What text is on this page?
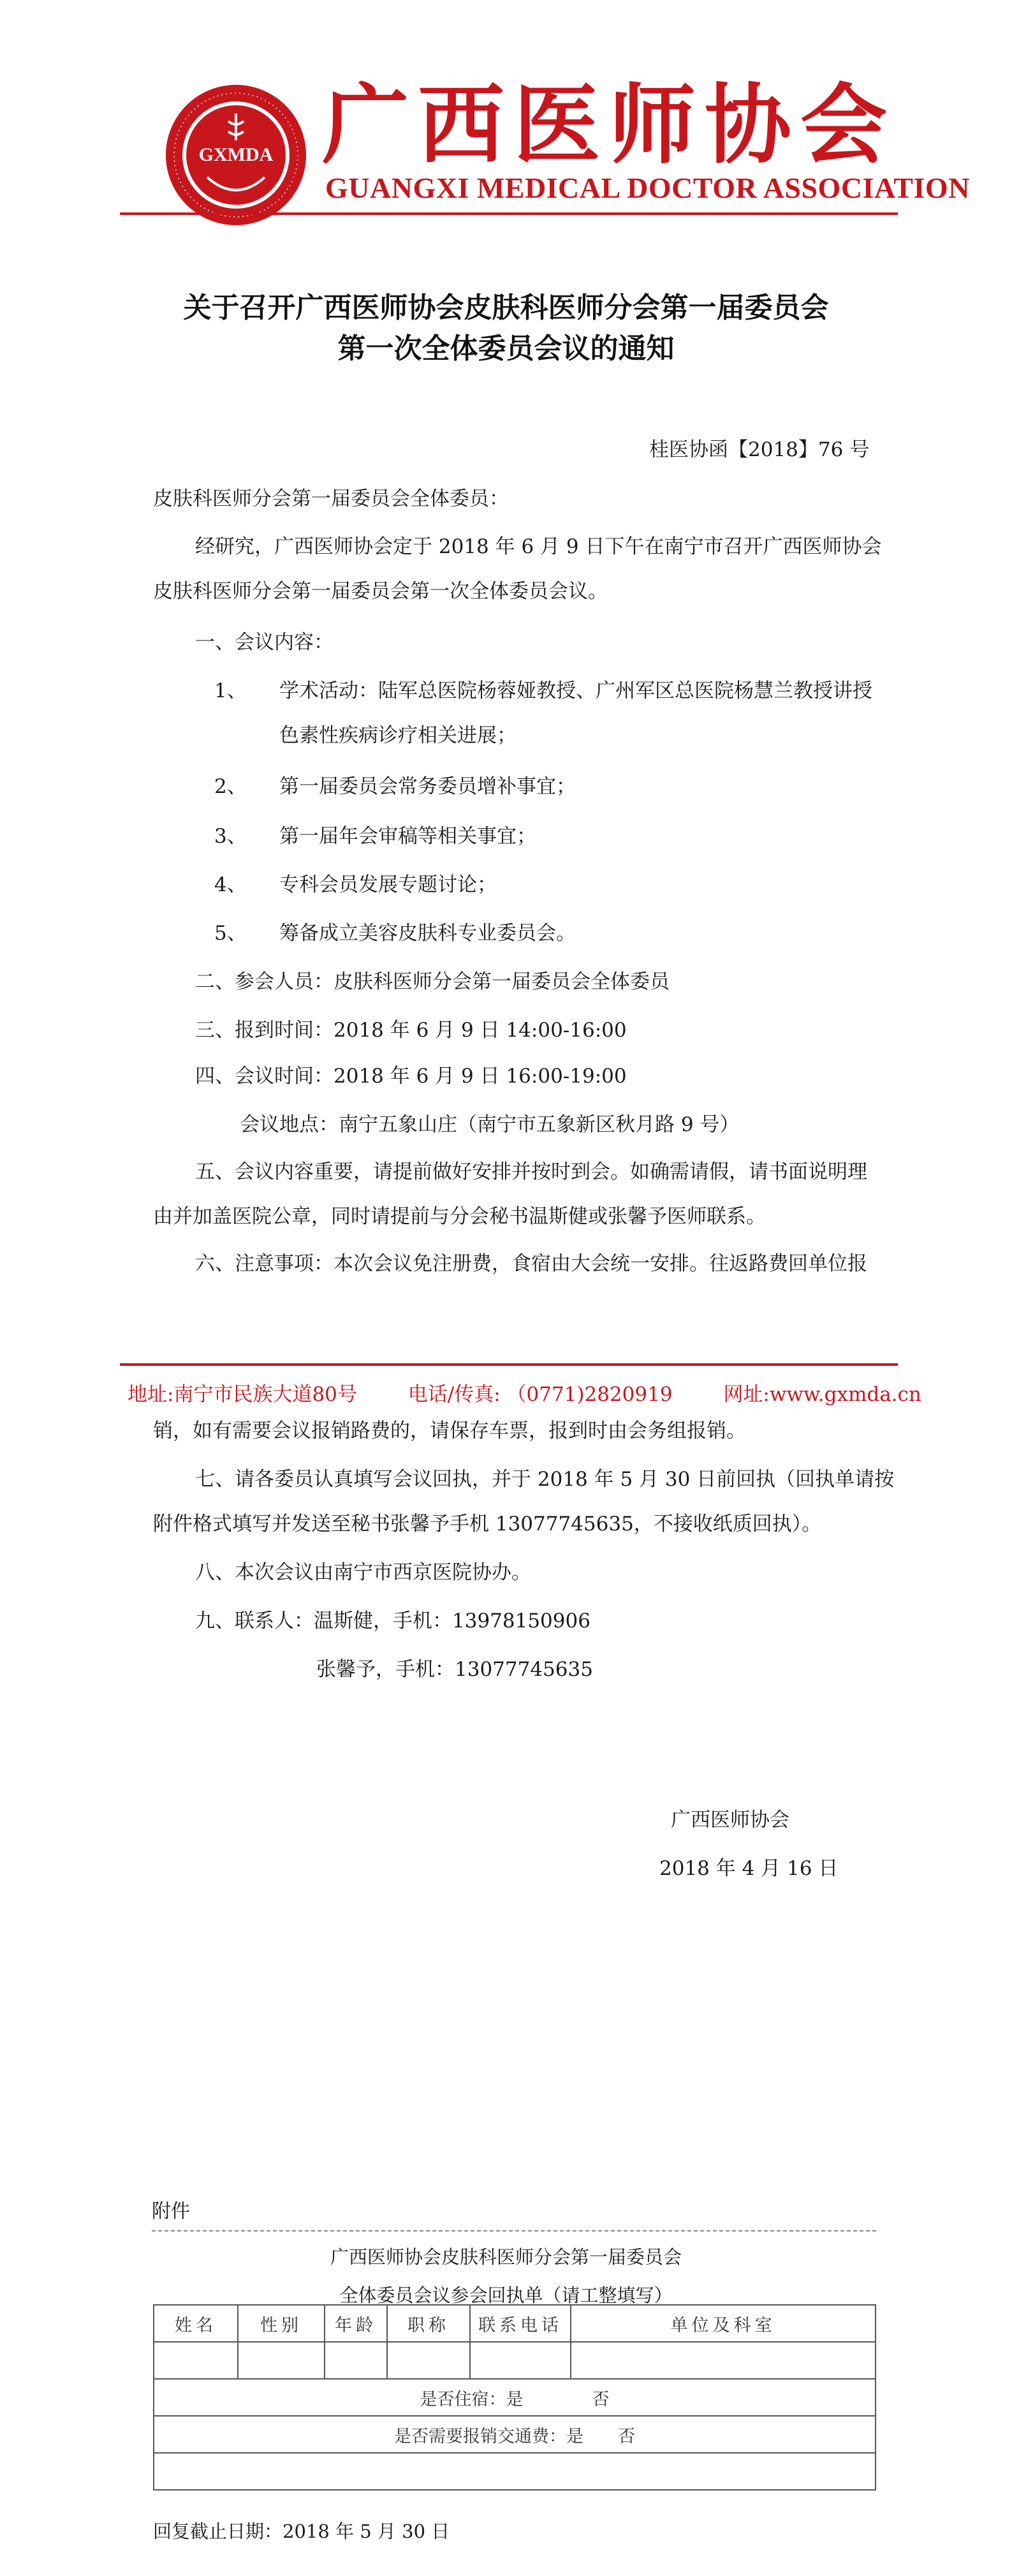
GXMDA 广西医师协会
GUANGXI MEDICAL DOCTOR ASSOCIATION
关于召开广西医师协会皮肤科医师分会第一届委员会
第一次全体委员会议的通知
桂医协函【2018】76 号
皮肤科医师分会第一届委员会全体委员：
经研究，广西医师协会定于 2018 年 6 月 9 日下午在南宁市召开广西医师协会
皮肤科医师分会第一届委员会第一次全体委员会议。
一、会议内容：
1、 学术活动：陆军总医院杨蓉娅教授、广州军区总医院杨慧兰教授讲授
色素性疾病诊疗相关进展；
2、 第一届委员会常务委员增补事宜；
3、 第一届年会审稿等相关事宜；
4、 专科会员发展专题讨论；
5、 筹备成立美容皮肤科专业委员会。
二、参会人员：皮肤科医师分会第一届委员会全体委员
三、报到时间：2018 年 6 月 9 日 14:00-16:00
四、会议时间：2018 年 6 月 9 日 16:00-19:00
会议地点：南宁五象山庄（南宁市五象新区秋月路 9 号）
五、会议内容重要，请提前做好安排并按时到会。如确需请假，请书面说明理
由并加盖医院公章，同时请提前与分会秘书温斯健或张馨予医师联系。
六、注意事项：本次会议免注册费，食宿由大会统一安排。往返路费回单位报
地址:南宁市民族大道80号	电话/传真: （0771)2820919	网址:www.gxmda.cn
销，如有需要会议报销路费的，请保存车票，报到时由会务组报销。
七、请各委员认真填写会议回执，并于 2018 年 5 月 30 日前回执（回执单请按
附件格式填写并发送至秘书张馨予手机 13077745635，不接收纸质回执）。
八、本次会议由南宁市西京医院协办。
九、联系人：温斯健，手机：13978150906
张馨予，手机：13077745635
广西医师协会
2018 年 4 月 16 日
附件
广西医师协会皮肤科医师分会第一届委员会
全体委员会议参会回执单（请工整填写）
姓名	性别	年龄	职称	联系电话	单位及科室

是否住宿：是　　　　否					
是否需要报销交通费：是　　否					

回复截止日期：2018 年 5 月 30 日
